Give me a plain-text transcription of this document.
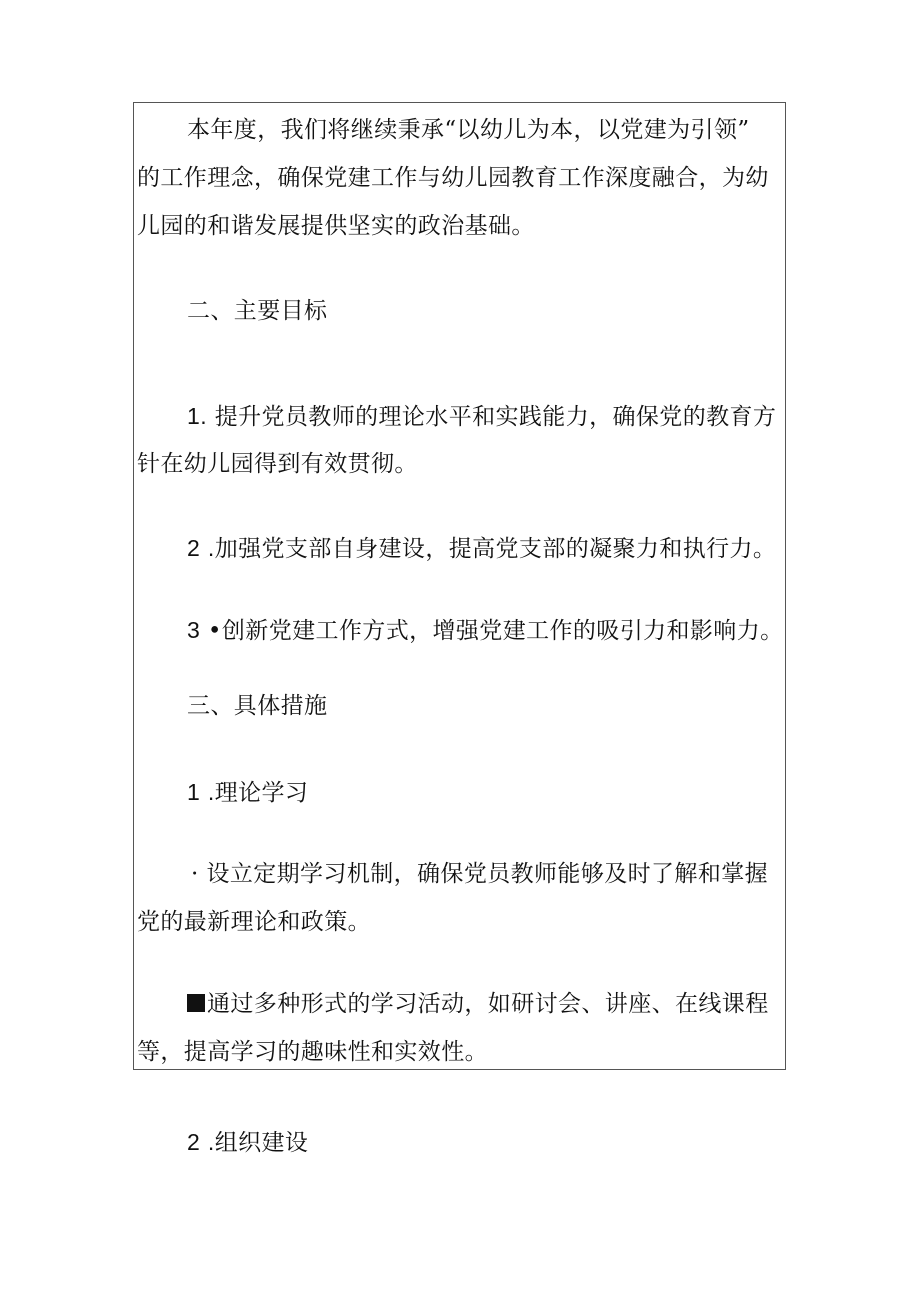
本年度，我们将继续秉承“以幼儿为本，以党建为引领”
的工作理念，确保党建工作与幼儿园教育工作深度融合，为幼
儿园的和谐发展提供坚实的政治基础。
二、主要目标
1. 提升党员教师的理论水平和实践能力，确保党的教育方
针在幼儿园得到有效贯彻。
2 .加强党支部自身建设，提高党支部的凝聚力和执行力。
3 •创新党建工作方式，增强党建工作的吸引力和影响力。
三、具体措施
1 .理论学习
· 设立定期学习机制，确保党员教师能够及时了解和掌握
党的最新理论和政策。
通过多种形式的学习活动，如研讨会、讲座、在线课程
等，提高学习的趣味性和实效性。
2 .组织建设
